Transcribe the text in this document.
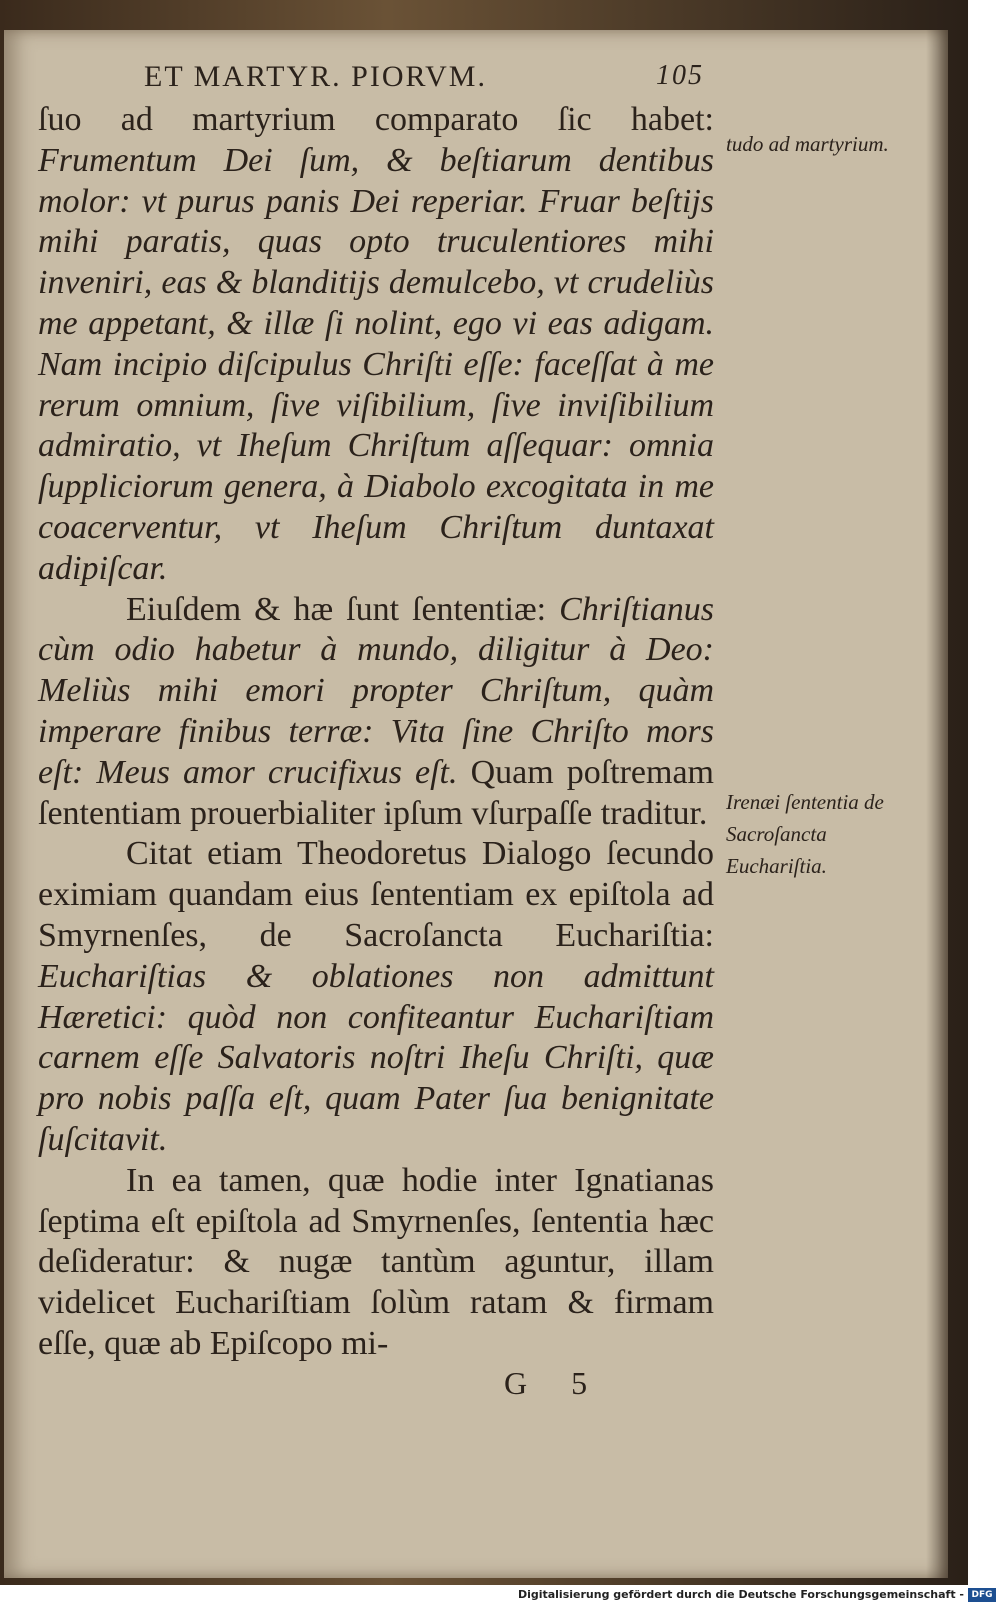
ET MARTYR. PIORVM.	105

ſuo ad martyrium comparato ſic habet: Frumentum Dei ſum, & beſtiarum dentibus molor: vt purus panis Dei reperiar. Fruar beſtijs mihi paratis, quas opto truculentiores mihi inveniri, eas & blanditijs demulcebo, vt crudeliùs me appetant, & illæ ſi nolint, ego vi eas adigam. Nam incipio diſcipulus Chriſti eſſe: faceſſat à me rerum omnium, ſive viſibilium, ſive inviſibilium admiratio, vt Iheſum Chriſtum aſſequar: omnia ſuppliciorum genera, à Diabolo excogitata in me coacerventur, vt Iheſum Chriſtum duntaxat adipiſcar.

Eiuſdem & hæ ſunt ſententiæ: Chriſtianus cùm odio habetur à mundo, diligitur à Deo: Meliùs mihi emori propter Chriſtum, quàm imperare finibus terræ: Vita ſine Chriſto mors eſt: Meus amor crucifixus eſt. Quam poſtremam ſententiam prouerbialiter ipſum vſurpaſſe traditur.

Citat etiam Theodoretus Dialogo ſecundo eximiam quandam eius ſententiam ex epiſtola ad Smyrnenſes, de Sacroſancta Euchariſtia: Euchariſtias & oblationes non admittunt Hæretici: quòd non confiteantur Euchariſtiam carnem eſſe Salvatoris noſtri Iheſu Chriſti, quæ pro nobis paſſa eſt, quam Pater ſua benignitate ſuſcitavit.

In ea tamen, quæ hodie inter Ignatianas ſeptima eſt epiſtola ad Smyrnenſes, ſententia hæc deſideratur: & nugæ tantùm aguntur, illam videlicet Euchariſtiam ſolùm ratam & firmam eſſe, quæ ab Epiſcopo mi-

tudo ad martyrium.
Irenæi ſententia de Sacroſancta Euchariſtia.
G 5
Digitalisierung gefördert durch die Deutsche Forschungsgemeinschaft - DFG
